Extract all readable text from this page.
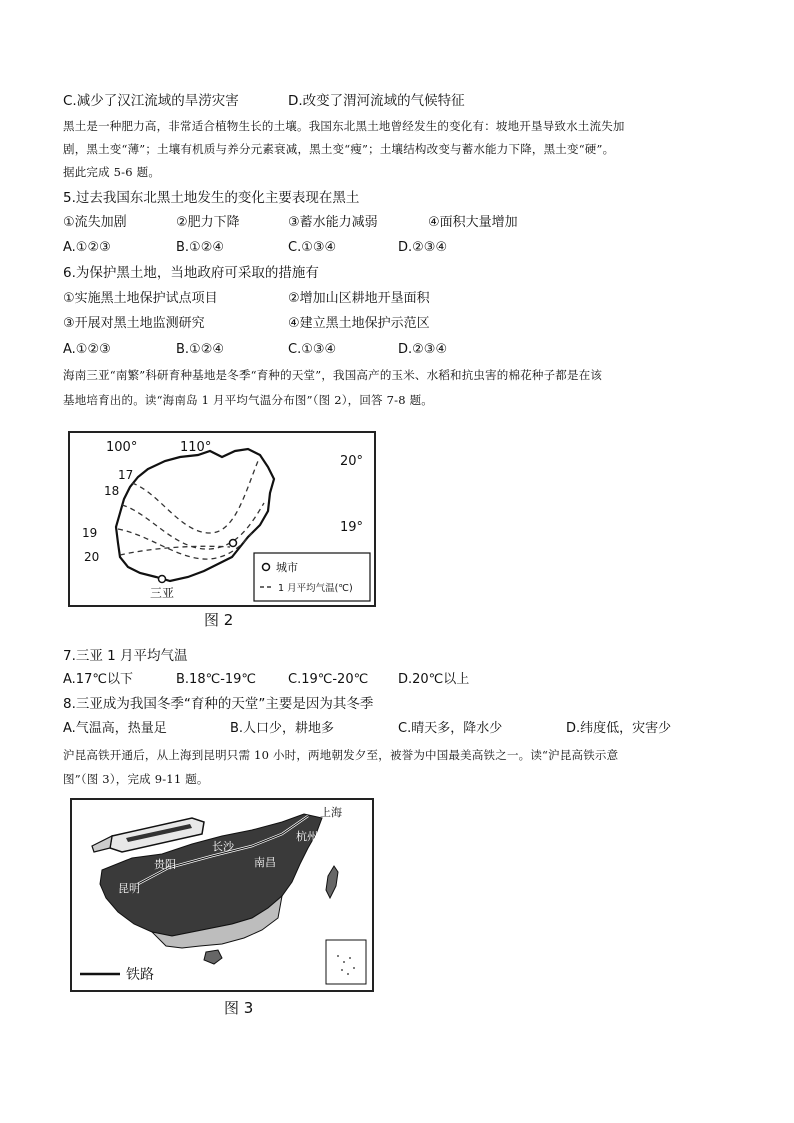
C.减少了汉江流域的旱涝灾害	D.改变了渭河流域的气候特征
黑土是一种肥力高，非常适合植物生长的土壤。我国东北黑土地曾经发生的变化有：坡地开垦导致水土流失加
剧，黑土变“薄”；土壤有机质与养分元素衰减，黑土变“瘦”；土壤结构改变与蓄水能力下降，黑土变“硬”。
据此完成 5-6 题。
5.过去我国东北黑土地发生的变化主要表现在黑土
①流失加剧	②肥力下降	③蓄水能力减弱	④面积大量增加
A.①②③	B.①②④	C.①③④	D.②③④
6.为保护黑土地，当地政府可采取的措施有
①实施黑土地保护试点项目	②增加山区耕地开垦面积
③开展对黑土地监测研究	④建立黑土地保护示范区
A.①②③	B.①②④	C.①③④	D.②③④
海南三亚“南繁”科研育种基地是冬季“育种的天堂”，我国高产的玉米、水稻和抗虫害的棉花种子都是在该
基地培育出的。读“海南岛 1 月平均气温分布图”（图 2），回答 7-8 题。
三亚
100°	110°
20°
19°
17
18
19
20
城市
1 月平均气温(℃)
图 2
7.三亚 1 月平均气温
A.17℃以下	B.18℃-19℃ C.19℃-20℃ D.20℃以上
8.三亚成为我国冬季“育种的天堂”主要是因为其冬季
A.气温高，热量足	B.人口少，耕地多	C.晴天多，降水少	D.纬度低，灾害少
沪昆高铁开通后，从上海到昆明只需 10 小时，两地朝发夕至，被誉为中国最美高铁之一。读“沪昆高铁示意
图”（图 3），完成 9-11 题。
上海
杭州
长沙
南昌
贵阳
昆明
铁路
图 3
